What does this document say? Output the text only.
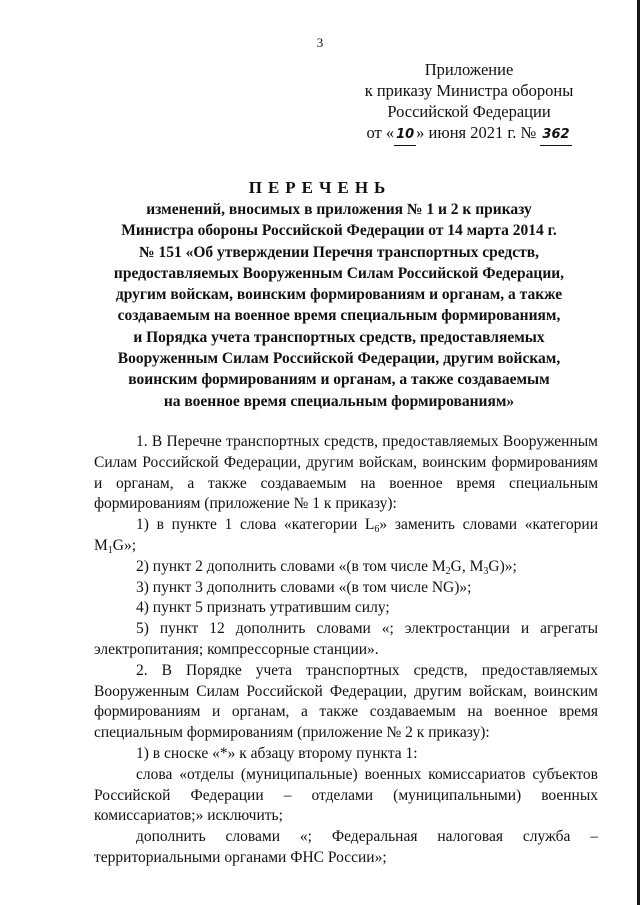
3
Приложение
к приказу Министра обороны
Российской Федерации
от « 10 » июня 2021 г. № 362
ПЕРЕЧЕНЬ
изменений, вносимых в приложения № 1 и 2 к приказу
Министра обороны Российской Федерации от 14 марта 2014 г.
№ 151 «Об утверждении Перечня транспортных средств,
предоставляемых Вооруженным Силам Российской Федерации,
другим войскам, воинским формированиям и органам, а также
создаваемым на военное время специальным формированиям,
и Порядка учета транспортных средств, предоставляемых
Вооруженным Силам Российской Федерации, другим войскам,
воинским формированиям и органам, а также создаваемым
на военное время специальным формированиям»

1. В Перечне транспортных средств, предоставляемых Вооруженным Силам Российской Федерации, другим войскам, воинским формированиям и органам, а также создаваемым на военное время специальным формированиям (приложение № 1 к приказу):

1) в пункте 1 слова «категории $L_6$» заменить словами «категории $M_1G$»;

2) пункт 2 дополнить словами «(в том числе $M_2G$, $M_3G$)»;

3) пункт 3 дополнить словами «(в том числе NG)»;

4) пункт 5 признать утратившим силу;

5) пункт 12 дополнить словами «; электростанции и агрегаты электропитания; компрессорные станции».

2. В Порядке учета транспортных средств, предоставляемых Вооруженным Силам Российской Федерации, другим войскам, воинским формированиям и органам, а также создаваемым на военное время специальным формированиям (приложение № 2 к приказу):

1) в сноске «*» к абзацу второму пункта 1:

слова «отделы (муниципальные) военных комиссариатов субъектов Российской Федерации – отделами (муниципальными) военных комиссариатов;» исключить;

дополнить словами «; Федеральная налоговая служба – территориальными органами ФНС России»;
